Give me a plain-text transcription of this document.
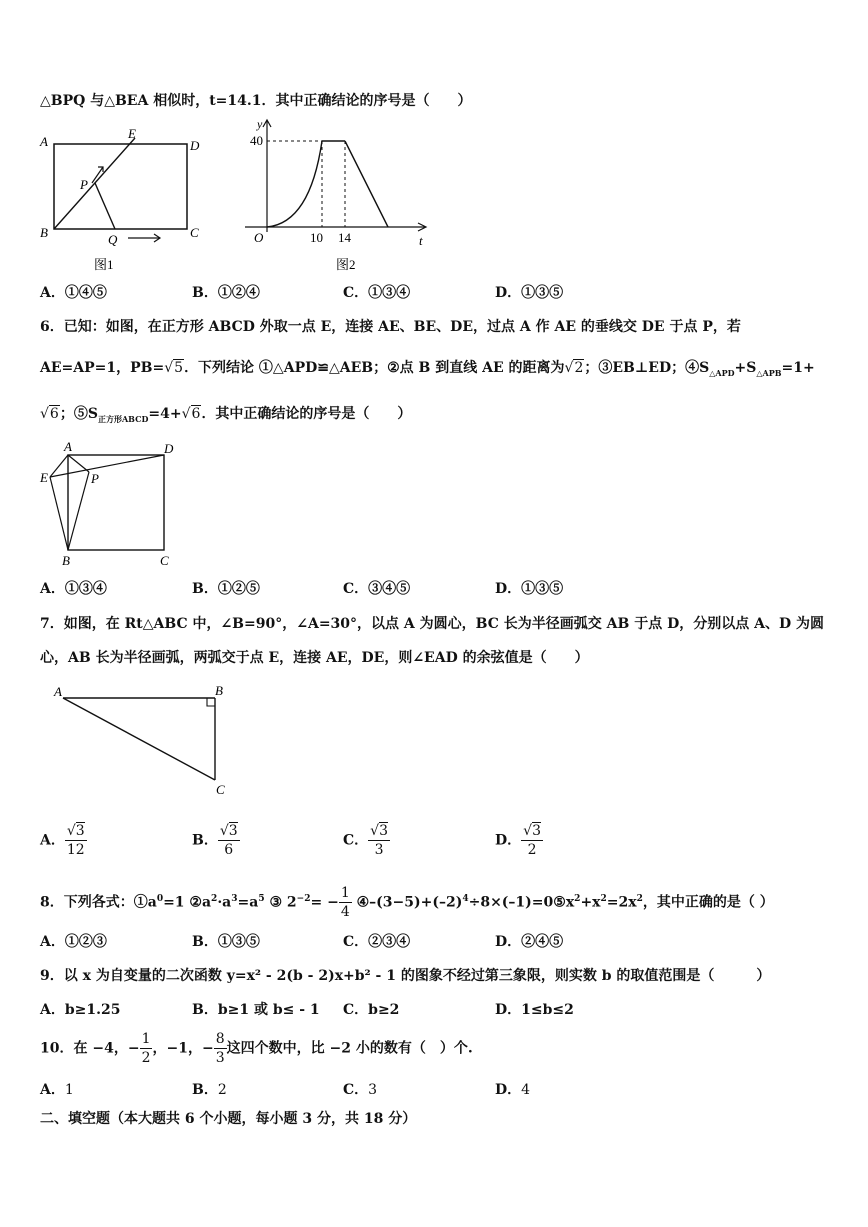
△BPQ 与△BEA 相似时，t=14.1．其中正确结论的序号是（　　）
A
E
D
P
B	Q	C
图1
y
40
O	10 14	t
图2
A．①④⑤	B．①②④	C．①③④	D．①③⑤
6．已知：如图，在正方形 ABCD 外取一点 E，连接 AE、BE、DE，过点 A 作 AE 的垂线交 DE 于点 P，若
AE=AP=1，PB=√5．下列结论 ①△APD≌△AEB；②点 B 到直线 AE 的距离为√2；③EB⊥ED；$④S_{\triangle APD}+S_{\triangle APB}=1+$
√6；$⑤S_{正方形ABCD}=4+√6$．其中正确结论的序号是（　　）
A	D
E	P
B	C
A．①③④	B．①②⑤	C．③④⑤	D．①③⑤
7．如图，在 Rt△ABC 中，∠B=90°，∠A=30°，以点 A 为圆心，BC 长为半径画弧交 AB 于点 D，分别以点 A、D 为圆
心，AB 长为半径画弧，两弧交于点 E，连接 AE，DE，则∠EAD 的余弦值是（　　）
A	B
C
A． $\frac{√3}{12}$	B． $\frac{√3}{6}$	C． $\frac{√3}{3}$	D． $\frac{√3}{2}$
8．下列各式：$①a^0=1$ $②a^2\cdot a^3=a^5$ ③ $2^{-2}= - \frac{1}{4}$ $④-(3-5)+(-2)^4\div 8\times(-1)=0⑤x^2+x^2=2x^2$，其中正确的是（ ）
A．①②③	B．①③⑤	C．②③④	D．②④⑤
9．以 x 为自变量的二次函数 y=x² - 2(b - 2)x+b² - 1 的图象不经过第三象限，则实数 b 的取值范围是（　　　）
A．b≥1.25	B．b≥1 或 b≤ - 1 C．b≥2	D．1≤b≤2
10．在 −4，− $\frac{1}{2}$ ，−1，− $\frac{8}{3}$ 这四个数中，比 −2 小的数有（　）个.
A．1	B．2	C．3	D．4
二、填空题（本大题共 6 个小题，每小题 3 分，共 18 分）
